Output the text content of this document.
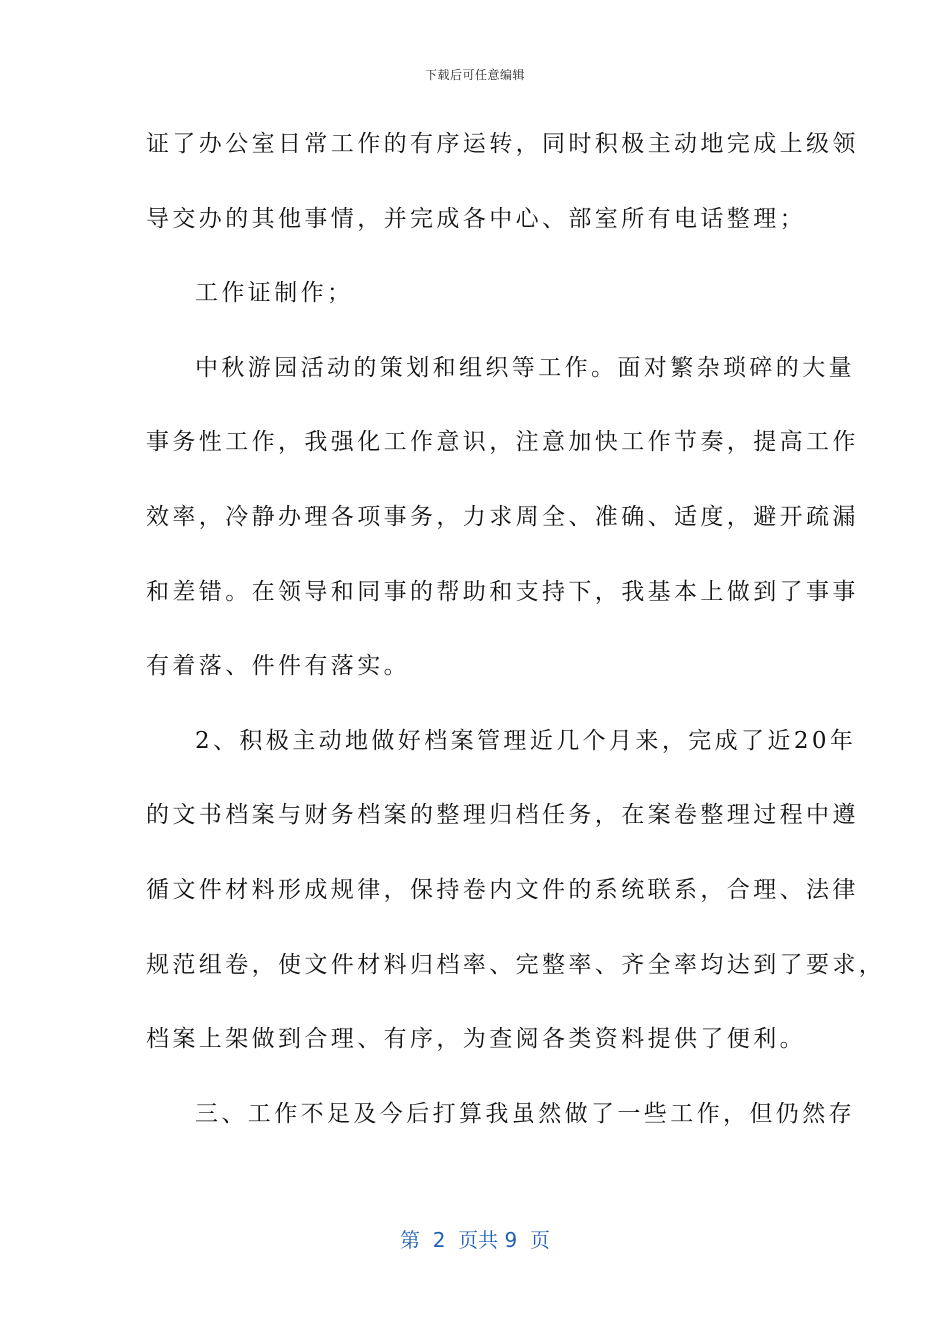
下载后可任意编辑
证了办公室日常工作的有序运转，同时积极主动地完成上级领
导交办的其他事情，并完成各中心、部室所有电话整理；
工作证制作；
中秋游园活动的策划和组织等工作。面对繁杂琐碎的大量
事务性工作，我强化工作意识，注意加快工作节奏，提高工作
效率，冷静办理各项事务，力求周全、准确、适度，避开疏漏
和差错。在领导和同事的帮助和支持下，我基本上做到了事事
有着落、件件有落实。
2、积极主动地做好档案管理近几个月来，完成了近20年
的文书档案与财务档案的整理归档任务，在案卷整理过程中遵
循文件材料形成规律，保持卷内文件的系统联系，合理、法律
规范组卷，使文件材料归档率、完整率、齐全率均达到了要求，
档案上架做到合理、有序，为查阅各类资料提供了便利。
三、工作不足及今后打算我虽然做了一些工作，但仍然存
第  2  页共 9  页
